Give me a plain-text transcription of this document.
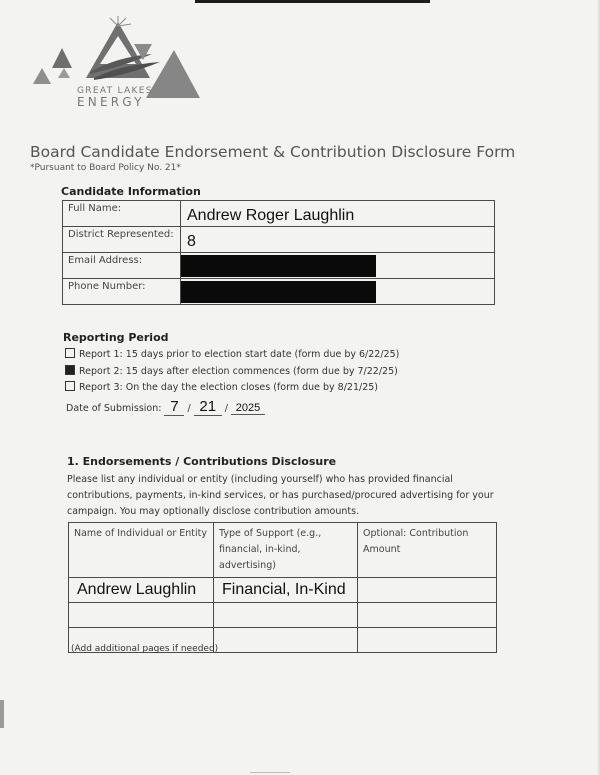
GREAT LAKES
ENERGY
Board Candidate Endorsement & Contribution Disclosure Form
*Pursuant to Board Policy No. 21*
Candidate Information
Full Name:	Andrew Roger Laughlin
District Represented:	8
Email Address:	

Phone Number:	
Reporting Period
Report 1: 15 days prior to election start date (form due by 6/22/25)
Report 2: 15 days after election commences (form due by 7/22/25)
Report 3: On the day the election closes (form due by 8/21/25)
Date of Submission: 7 / 21 / 2025
1. Endorsements / Contributions Disclosure
Please list any individual or entity (including yourself) who has provided financial contributions, payments, in-kind services, or has purchased/procured advertising for your campaign. You may optionally disclose contribution amounts.
Name of Individual or Entity	Type of Support (e.g., financial, in-kind, advertising)	Optional: Contribution Amount
Andrew Laughlin	Financial, In-Kind	

(Add additional pages if needed)
